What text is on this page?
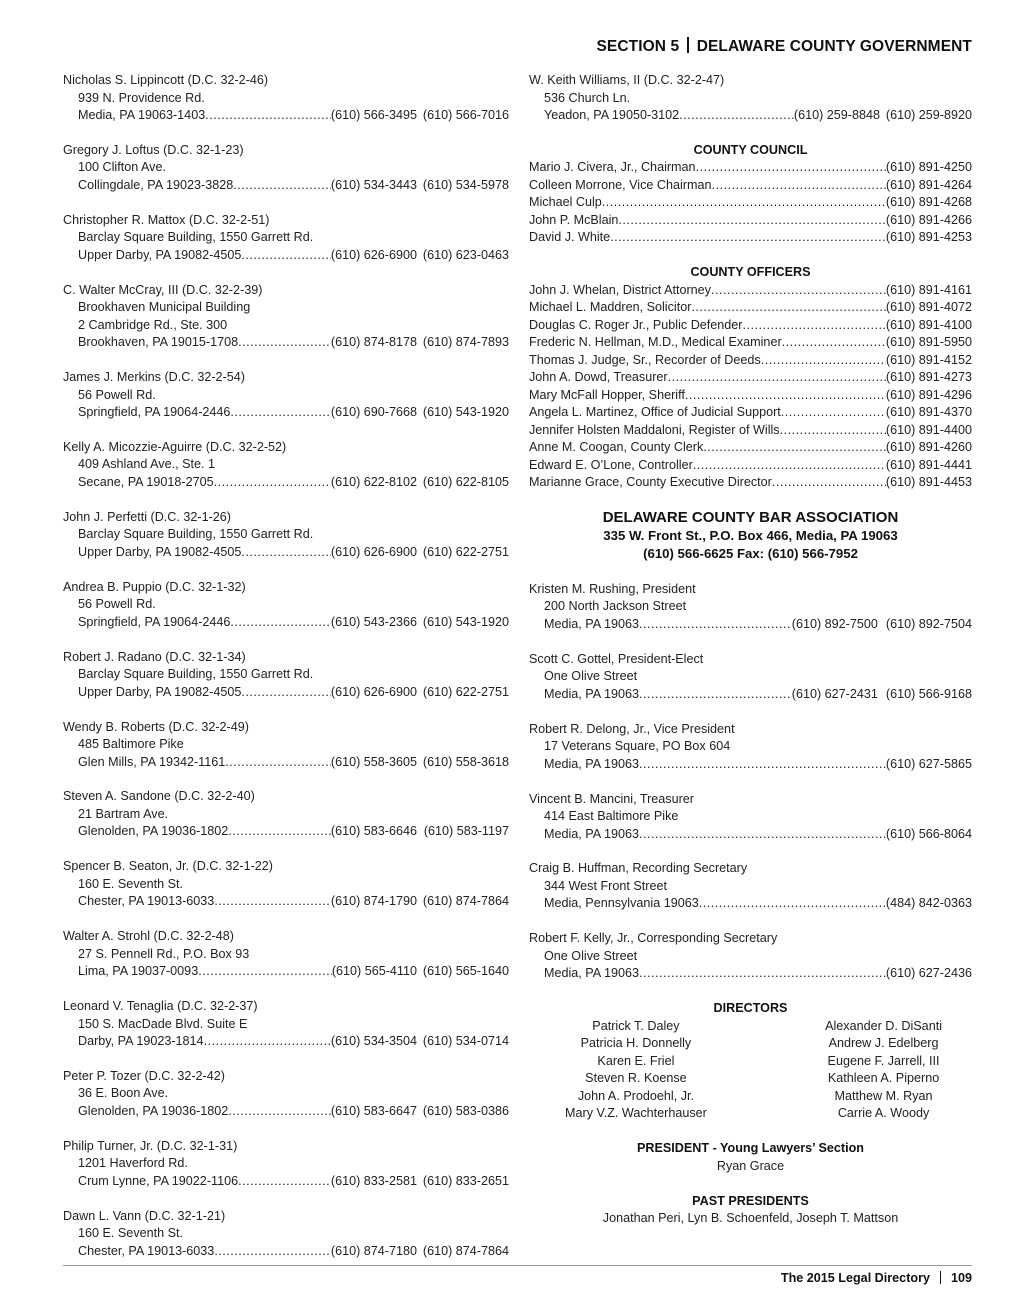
SECTION 5 DELAWARE COUNTY GOVERNMENT
Nicholas S. Lippincott (D.C. 32-2-46)
939 N. Providence Rd.
Media, PA 19063-1403 .....	(610) 566-3495 (610) 566-7016
Gregory J. Loftus (D.C. 32-1-23)
100 Clifton Ave.
Collingdale, PA 19023-3828 .....	(610) 534-3443 (610) 534-5978
Christopher R. Mattox (D.C. 32-2-51)
Barclay Square Building, 1550 Garrett Rd.
Upper Darby, PA 19082-4505 .....	(610) 626-6900 (610) 623-0463
C. Walter McCray, III (D.C. 32-2-39)
Brookhaven Municipal Building
2 Cambridge Rd., Ste. 300
Brookhaven, PA 19015-1708 .....	(610) 874-8178 (610) 874-7893
James J. Merkins (D.C. 32-2-54)
56 Powell Rd.
Springfield, PA 19064-2446 .....	(610) 690-7668 (610) 543-1920
Kelly A. Micozzie-Aguirre (D.C. 32-2-52)
409 Ashland Ave., Ste. 1
Secane, PA 19018-2705 .....	(610) 622-8102 (610) 622-8105
John J. Perfetti (D.C. 32-1-26)
Barclay Square Building, 1550 Garrett Rd.
Upper Darby, PA 19082-4505 .....	(610) 626-6900 (610) 622-2751
Andrea B. Puppio (D.C. 32-1-32)
56 Powell Rd.
Springfield, PA 19064-2446 .....	(610) 543-2366 (610) 543-1920
Robert J. Radano (D.C. 32-1-34)
Barclay Square Building, 1550 Garrett Rd.
Upper Darby, PA 19082-4505 .....	(610) 626-6900 (610) 622-2751
Wendy B. Roberts (D.C. 32-2-49)
485 Baltimore Pike
Glen Mills, PA 19342-1161 .....	(610) 558-3605 (610) 558-3618
Steven A. Sandone (D.C. 32-2-40)
21 Bartram Ave.
Glenolden, PA 19036-1802 .....	(610) 583-6646 (610) 583-1197
Spencer B. Seaton, Jr. (D.C. 32-1-22)
160 E. Seventh St.
Chester, PA 19013-6033 .....	(610) 874-1790 (610) 874-7864
Walter A. Strohl (D.C. 32-2-48)
27 S. Pennell Rd., P.O. Box 93
Lima, PA 19037-0093 .....	(610) 565-4110 (610) 565-1640
Leonard V. Tenaglia (D.C. 32-2-37)
150 S. MacDade Blvd. Suite E
Darby, PA 19023-1814 .....	(610) 534-3504 (610) 534-0714
Peter P. Tozer (D.C. 32-2-42)
36 E. Boon Ave.
Glenolden, PA 19036-1802 .....	(610) 583-6647 (610) 583-0386
Philip Turner, Jr. (D.C. 32-1-31)
1201 Haverford Rd.
Crum Lynne, PA 19022-1106 .....	(610) 833-2581 (610) 833-2651
Dawn L. Vann (D.C. 32-1-21)
160 E. Seventh St.
Chester, PA 19013-6033 .....	(610) 874-7180 (610) 874-7864
W. Keith Williams, II (D.C. 32-2-47)
536 Church Ln.
Yeadon, PA 19050-3102 .....	(610) 259-8848 (610) 259-8920
COUNTY COUNCIL
Mario J. Civera, Jr., Chairman .....	(610) 891-4250
Colleen Morrone, Vice Chairman .....	(610) 891-4264
Michael Culp .....	(610) 891-4268
John P. McBlain .....	(610) 891-4266
David J. White .....	(610) 891-4253
COUNTY OFFICERS
John J. Whelan, District Attorney .....	(610) 891-4161
Michael L. Maddren, Solicitor .....	(610) 891-4072
Douglas C. Roger Jr., Public Defender .....	(610) 891-4100
Frederic N. Hellman, M.D., Medical Examiner .....	(610) 891-5950
Thomas J. Judge, Sr., Recorder of Deeds .....	(610) 891-4152
John A. Dowd, Treasurer .....	(610) 891-4273
Mary McFall Hopper, Sheriff .....	(610) 891-4296
Angela L. Martinez, Office of Judicial Support .....	(610) 891-4370
Jennifer Holsten Maddaloni, Register of Wills .....	(610) 891-4400
Anne M. Coogan, County Clerk .....	(610) 891-4260
Edward E. O’Lone, Controller .....	(610) 891-4441
Marianne Grace, County Executive Director .....	(610) 891-4453
DELAWARE COUNTY BAR ASSOCIATION
335 W. Front St., P.O. Box 466, Media, PA 19063
(610) 566-6625 Fax: (610) 566-7952
Kristen M. Rushing, President
200 North Jackson Street
Media, PA 19063 .....	(610) 892-7500 (610) 892-7504
Scott C. Gottel, President-Elect
One Olive Street
Media, PA 19063 .....	(610) 627-2431 (610) 566-9168
Robert R. Delong, Jr., Vice President
17 Veterans Square, PO Box 604
Media, PA 19063 .....	(610) 627-5865
Vincent B. Mancini, Treasurer
414 East Baltimore Pike
Media, PA 19063 .....	(610) 566-8064
Craig B. Huffman, Recording Secretary
344 West Front Street
Media, Pennsylvania 19063 .....	(484) 842-0363
Robert F. Kelly, Jr., Corresponding Secretary
One Olive Street
Media, PA 19063 .....	(610) 627-2436
DIRECTORS
Patrick T. Daley
Patricia H. Donnelly
Karen E. Friel
Steven R. Koense
John A. Prodoehl, Jr.
Mary V.Z. Wachterhauser
Alexander D. DiSanti
Andrew J. Edelberg
Eugene F. Jarrell, III
Kathleen A. Piperno
Matthew M. Ryan
Carrie A. Woody
PRESIDENT - Young Lawyers’ Section
Ryan Grace
PAST PRESIDENTS
Jonathan Peri, Lyn B. Schoenfeld, Joseph T. Mattson
The 2015 Legal Directory 109
